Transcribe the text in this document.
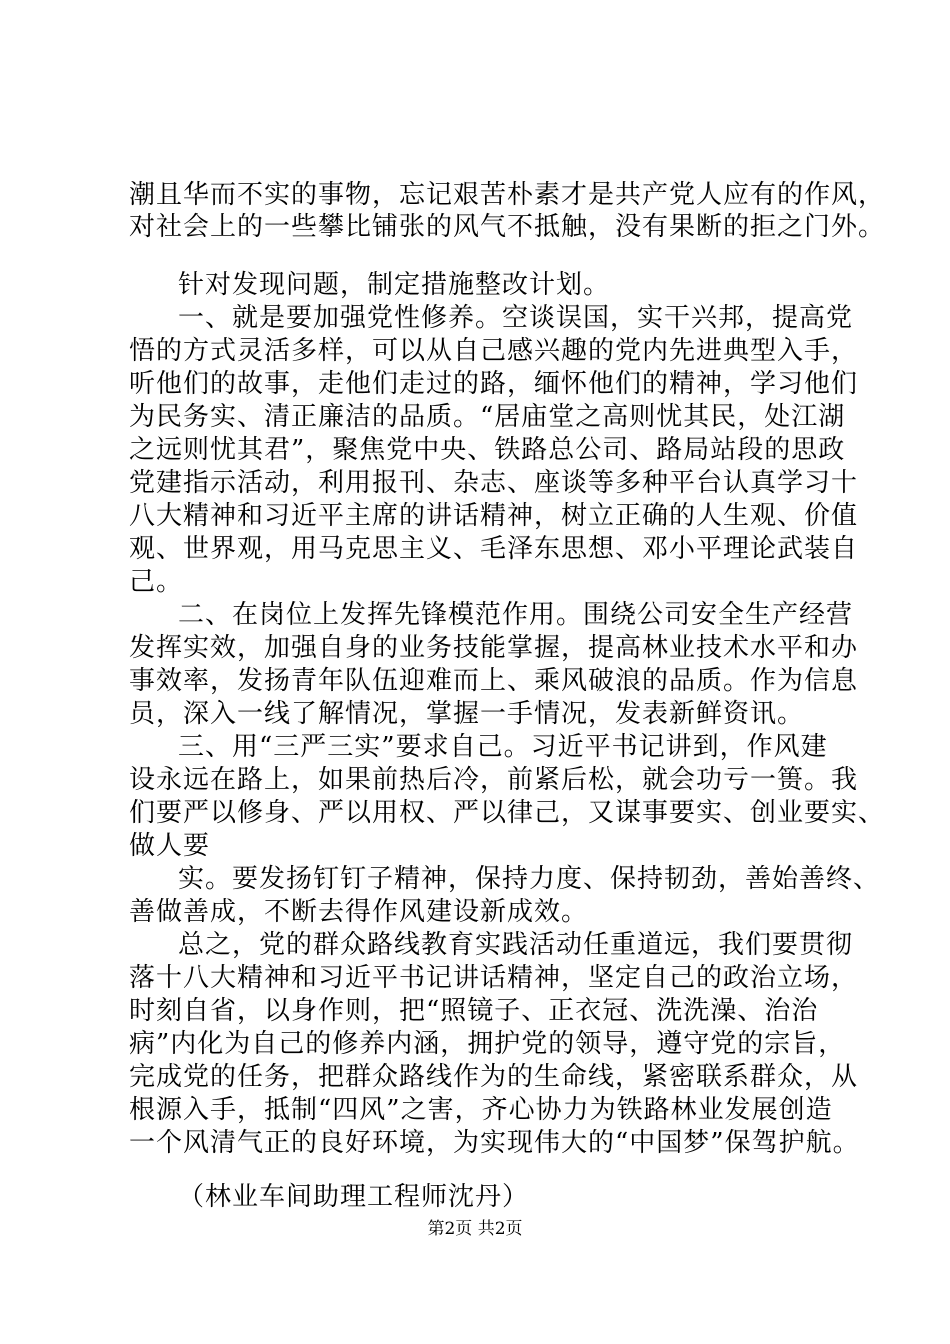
潮且华而不实的事物，忘记艰苦朴素才是共产党人应有的作风，

对社会上的一些攀比铺张的风气不抵触，没有果断的拒之门外。

针对发现问题，制定措施整改计划。

一、就是要加强党性修养。空谈误国，实干兴邦，提高党

悟的方式灵活多样，可以从自己感兴趣的党内先进典型入手，

听他们的故事，走他们走过的路，缅怀他们的精神，学习他们

为民务实、清正廉洁的品质。“居庙堂之高则忧其民，处江湖

之远则忧其君”，聚焦党中央、铁路总公司、路局站段的思政

党建指示活动，利用报刊、杂志、座谈等多种平台认真学习十

八大精神和习近平主席的讲话精神，树立正确的人生观、价值

观、世界观，用马克思主义、毛泽东思想、邓小平理论武装自

己。

二、在岗位上发挥先锋模范作用。围绕公司安全生产经营

发挥实效，加强自身的业务技能掌握，提高林业技术水平和办

事效率，发扬青年队伍迎难而上、乘风破浪的品质。作为信息

员，深入一线了解情况，掌握一手情况，发表新鲜资讯。

三、用“三严三实”要求自己。习近平书记讲到，作风建

设永远在路上，如果前热后冷，前紧后松，就会功亏一篑。我

们要严以修身、严以用权、严以律己，又谋事要实、创业要实、

做人要

实。要发扬钉钉子精神，保持力度、保持韧劲，善始善终、

善做善成，不断去得作风建设新成效。

总之，党的群众路线教育实践活动任重道远，我们要贯彻

落十八大精神和习近平书记讲话精神，坚定自己的政治立场，

时刻自省，以身作则，把“照镜子、正衣冠、洗洗澡、治治

病”内化为自己的修养内涵，拥护党的领导，遵守党的宗旨，

完成党的任务，把群众路线作为的生命线，紧密联系群众，从

根源入手，抵制“四风”之害，齐心协力为铁路林业发展创造

一个风清气正的良好环境，为实现伟大的“中国梦”保驾护航。

（林业车间助理工程师沈丹）

第2页 共2页
